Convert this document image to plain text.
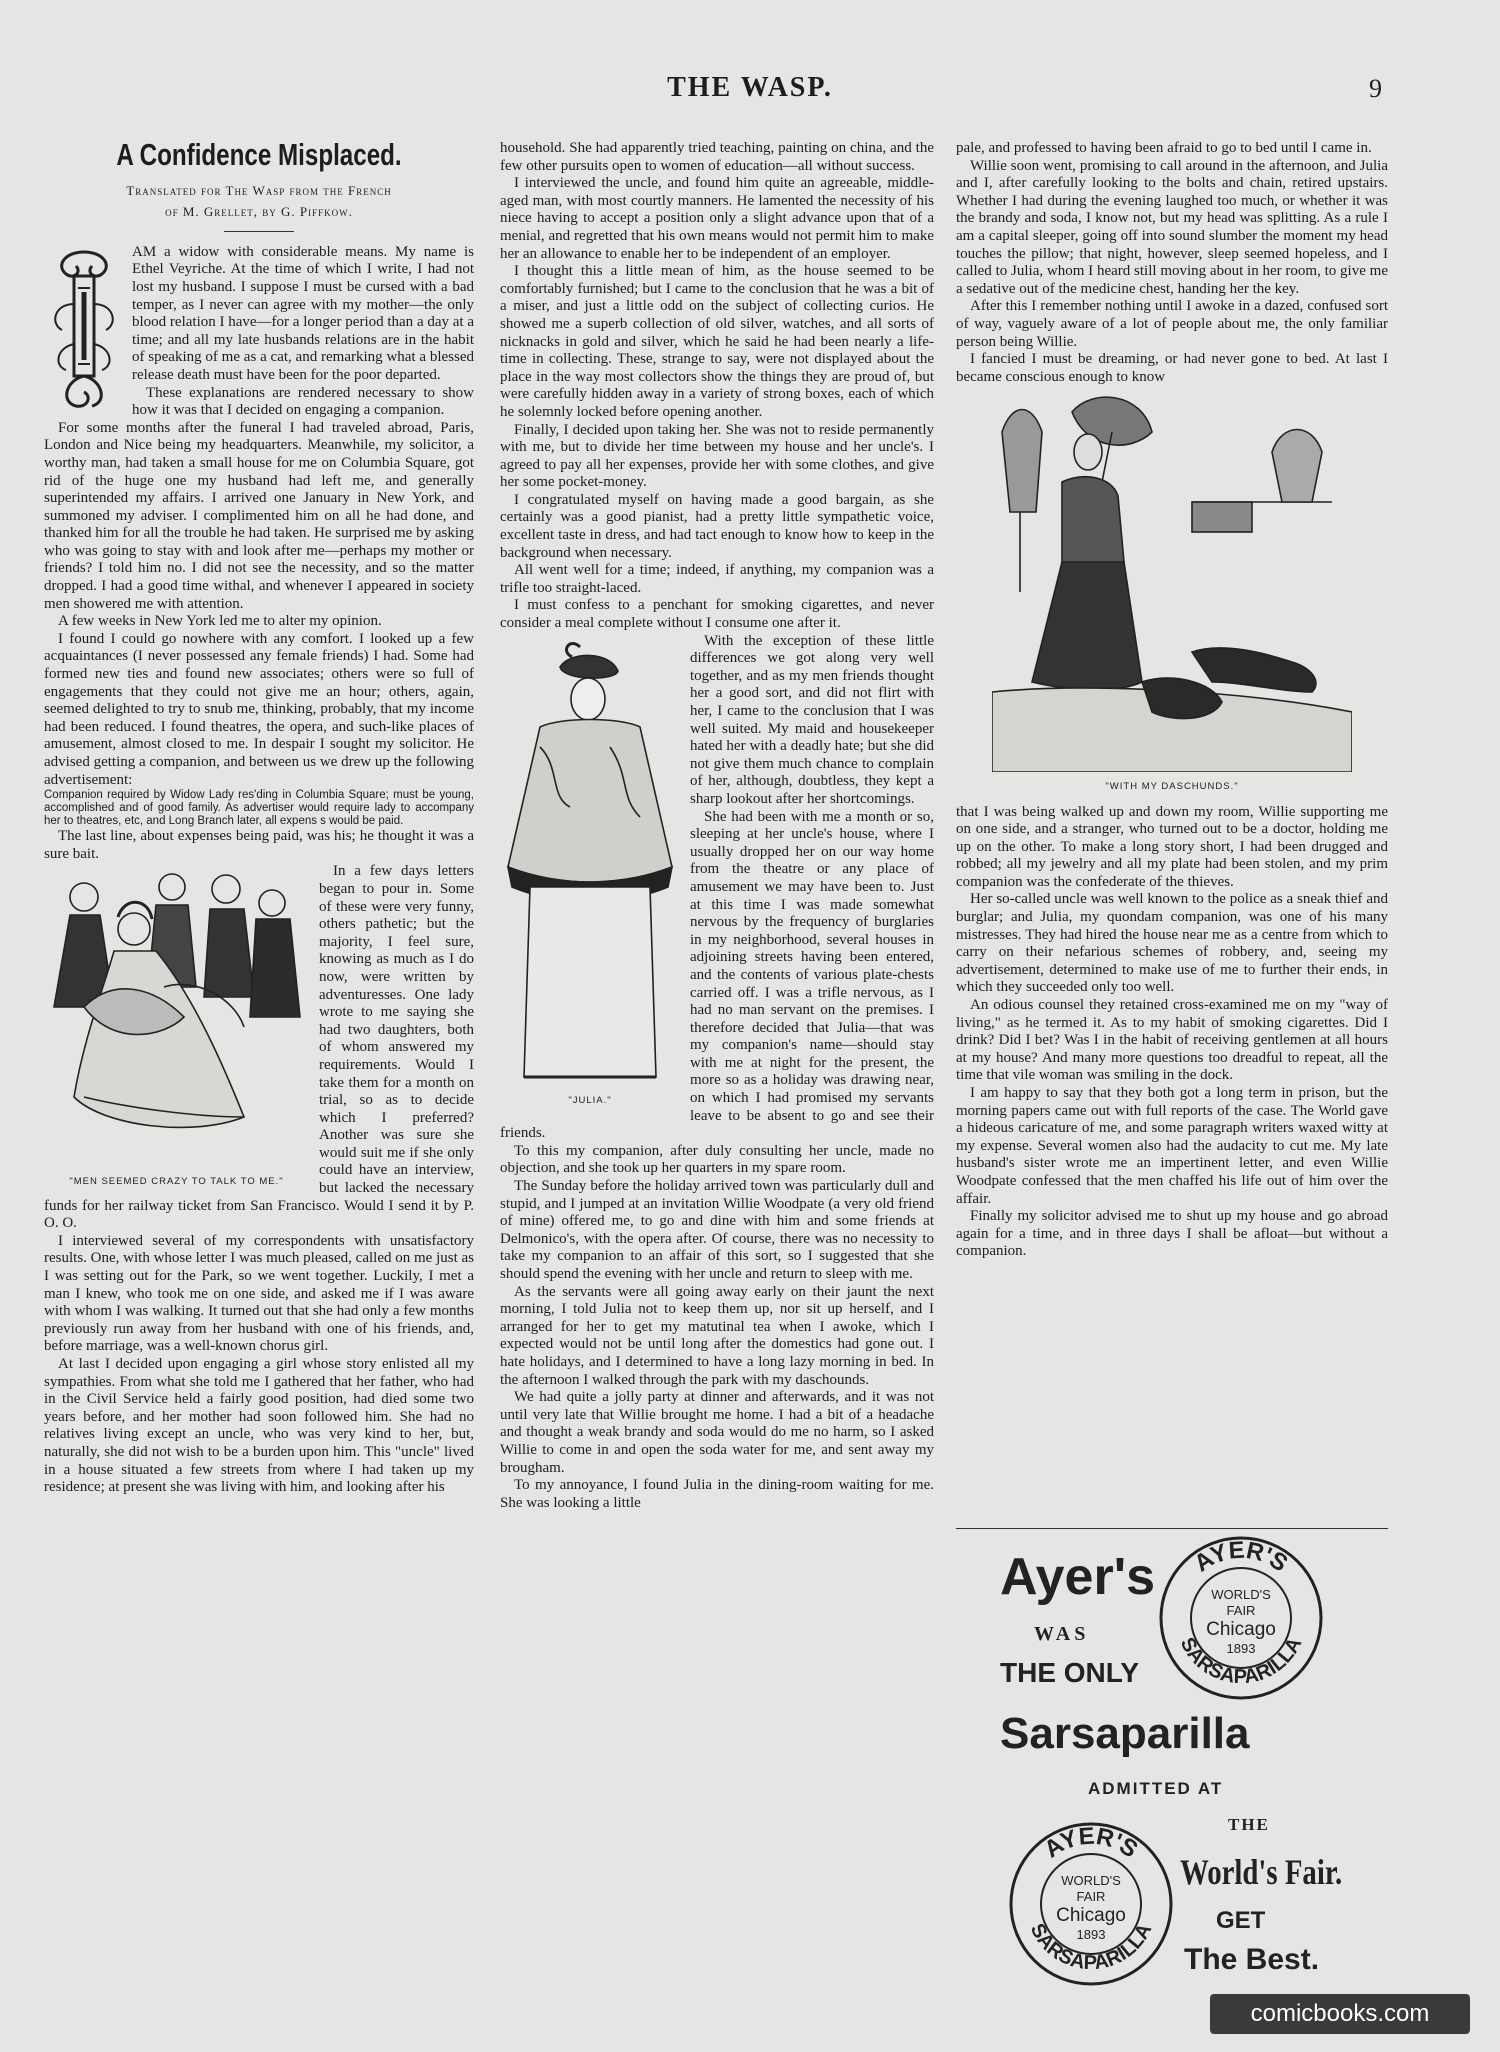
THE WASP.	9
A Confidence Misplaced.
Translated for The Wasp from the French
of M. Grellet, by G. Piffkow.

AM a widow with considerable means. My name is Ethel Veyriche. At the time of which I write, I had not lost my husband. I suppose I must be cursed with a bad temper, as I never can agree with my mother—the only blood relation I have—for a longer period than a day at a time; and all my late husbands relations are in the habit of speaking of me as a cat, and remarking what a blessed release death must have been for the poor departed.

These explanations are rendered necessary to show how it was that I decided on engaging a companion.

For some months after the funeral I had traveled abroad, Paris, London and Nice being my headquarters. Meanwhile, my solicitor, a worthy man, had taken a small house for me on Columbia Square, got rid of the huge one my husband had left me, and generally superintended my affairs. I arrived one January in New York, and summoned my adviser. I complimented him on all he had done, and thanked him for all the trouble he had taken. He surprised me by asking who was going to stay with and look after me—perhaps my mother or friends? I told him no. I did not see the necessity, and so the matter dropped. I had a good time withal, and whenever I appeared in society men showered me with attention.

A few weeks in New York led me to alter my opinion.

I found I could go nowhere with any comfort. I looked up a few acquaintances (I never possessed any female friends) I had. Some had formed new ties and found new associates; others were so full of engagements that they could not give me an hour; others, again, seemed delighted to try to snub me, thinking, probably, that my income had been reduced. I found theatres, the opera, and such-like places of amusement, almost closed to me. In despair I sought my solicitor. He advised getting a companion, and between us we drew up the following advertisement:

Companion required by Widow Lady res'ding in Columbia Square; must be young, accomplished and of good family. As advertiser would require lady to accompany her to theatres, etc, and Long Branch later, all expens s would be paid.

The last line, about expenses being paid, was his; he thought it was a sure bait.

"MEN SEEMED CRAZY TO TALK TO ME."

In a few days letters began to pour in. Some of these were very funny, others pathetic; but the majority, I feel sure, knowing as much as I do now, were written by adventuresses. One lady wrote to me saying she had two daughters, both of whom answered my requirements. Would I take them for a month on trial, so as to decide which I preferred? Another was sure she would suit me if she only could have an interview, but lacked the necessary funds for her railway ticket from San Francisco. Would I send it by P. O. O.

I interviewed several of my correspondents with unsatisfactory results. One, with whose letter I was much pleased, called on me just as I was setting out for the Park, so we went together. Luckily, I met a man I knew, who took me on one side, and asked me if I was aware with whom I was walking. It turned out that she had only a few months previously run away from her husband with one of his friends, and, before marriage, was a well-known chorus girl.

At last I decided upon engaging a girl whose story enlisted all my sympathies. From what she told me I gathered that her father, who had in the Civil Service held a fairly good position, had died some two years before, and her mother had soon followed him. She had no relatives living except an uncle, who was very kind to her, but, naturally, she did not wish to be a burden upon him. This "uncle" lived in a house situated a few streets from where I had taken up my residence; at present she was living with him, and looking after his

household. She had apparently tried teaching, painting on china, and the few other pursuits open to women of education—all without success.

I interviewed the uncle, and found him quite an agreeable, middle-aged man, with most courtly manners. He lamented the necessity of his niece having to accept a position only a slight advance upon that of a menial, and regretted that his own means would not permit him to make her an allowance to enable her to be independent of an employer.

I thought this a little mean of him, as the house seemed to be comfortably furnished; but I came to the conclusion that he was a bit of a miser, and just a little odd on the subject of collecting curios. He showed me a superb collection of old silver, watches, and all sorts of nicknacks in gold and silver, which he said he had been nearly a life-time in collecting. These, strange to say, were not displayed about the place in the way most collectors show the things they are proud of, but were carefully hidden away in a variety of strong boxes, each of which he solemnly locked before opening another.

Finally, I decided upon taking her. She was not to reside permanently with me, but to divide her time between my house and her uncle's. I agreed to pay all her expenses, provide her with some clothes, and give her some pocket-money.

I congratulated myself on having made a good bargain, as she certainly was a good pianist, had a pretty little sympathetic voice, excellent taste in dress, and had tact enough to know how to keep in the background when necessary.

All went well for a time; indeed, if anything, my companion was a trifle too straight-laced.

I must confess to a penchant for smoking cigarettes, and never consider a meal complete without I consume one after it.

"JULIA."

With the exception of these little differences we got along very well together, and as my men friends thought her a good sort, and did not flirt with her, I came to the conclusion that I was well suited. My maid and housekeeper hated her with a deadly hate; but she did not give them much chance to complain of her, although, doubtless, they kept a sharp lookout after her shortcomings.

She had been with me a month or so, sleeping at her uncle's house, where I usually dropped her on our way home from the theatre or any place of amusement we may have been to. Just at this time I was made somewhat nervous by the frequency of burglaries in my neighborhood, several houses in adjoining streets having been entered, and the contents of various plate-chests carried off. I was a trifle nervous, as I had no man servant on the premises. I therefore decided that Julia—that was my companion's name—should stay with me at night for the present, the more so as a holiday was drawing near, on which I had promised my servants leave to be absent to go and see their friends.

To this my companion, after duly consulting her uncle, made no objection, and she took up her quarters in my spare room.

The Sunday before the holiday arrived town was particularly dull and stupid, and I jumped at an invitation Willie Woodpate (a very old friend of mine) offered me, to go and dine with him and some friends at Delmonico's, with the opera after. Of course, there was no necessity to take my companion to an affair of this sort, so I suggested that she should spend the evening with her uncle and return to sleep with me.

As the servants were all going away early on their jaunt the next morning, I told Julia not to keep them up, nor sit up herself, and I arranged for her to get my matutinal tea when I awoke, which I expected would not be until long after the domestics had gone out. I hate holidays, and I determined to have a long lazy morning in bed. In the afternoon I walked through the park with my daschounds.

We had quite a jolly party at dinner and afterwards, and it was not until very late that Willie brought me home. I had a bit of a headache and thought a weak brandy and soda would do me no harm, so I asked Willie to come in and open the soda water for me, and sent away my brougham.

To my annoyance, I found Julia in the dining-room waiting for me. She was looking a little

pale, and professed to having been afraid to go to bed until I came in.

Willie soon went, promising to call around in the afternoon, and Julia and I, after carefully looking to the bolts and chain, retired upstairs. Whether I had during the evening laughed too much, or whether it was the brandy and soda, I know not, but my head was splitting. As a rule I am a capital sleeper, going off into sound slumber the moment my head touches the pillow; that night, however, sleep seemed hopeless, and I called to Julia, whom I heard still moving about in her room, to give me a sedative out of the medicine chest, handing her the key.

After this I remember nothing until I awoke in a dazed, confused sort of way, vaguely aware of a lot of people about me, the only familiar person being Willie.

I fancied I must be dreaming, or had never gone to bed. At last I became conscious enough to know

"WITH MY DASCHUNDS."

that I was being walked up and down my room, Willie supporting me on one side, and a stranger, who turned out to be a doctor, holding me up on the other. To make a long story short, I had been drugged and robbed; all my jewelry and all my plate had been stolen, and my prim companion was the confederate of the thieves.

Her so-called uncle was well known to the police as a sneak thief and burglar; and Julia, my quondam companion, was one of his many mistresses. They had hired the house near me as a centre from which to carry on their nefarious schemes of robbery, and, seeing my advertisement, determined to make use of me to further their ends, in which they succeeded only too well.

An odious counsel they retained cross-examined me on my "way of living," as he termed it. As to my habit of smoking cigarettes. Did I drink? Did I bet? Was I in the habit of receiving gentlemen at all hours at my house? And many more questions too dreadful to repeat, all the time that vile woman was smiling in the dock.

I am happy to say that they both got a long term in prison, but the morning papers came out with full reports of the case. The World gave a hideous caricature of me, and some paragraph writers waxed witty at my expense. Several women also had the audacity to cut me. My late husband's sister wrote me an impertinent letter, and even Willie Woodpate confessed that the men chaffed his life out of him over the affair.

Finally my solicitor advised me to shut up my house and go abroad again for a time, and in three days I shall be afloat—but without a companion.

Ayer's
WAS
THE ONLY
AYER'S
SARSAPARILLA
WORLD'S
FAIR
Chicago
1893
Sarsaparilla
ADMITTED AT
THE
AYER'S
SARSAPARILLA
WORLD'S
FAIR
Chicago
1893
World's Fair.
GET
The Best.
comicbooks.com
